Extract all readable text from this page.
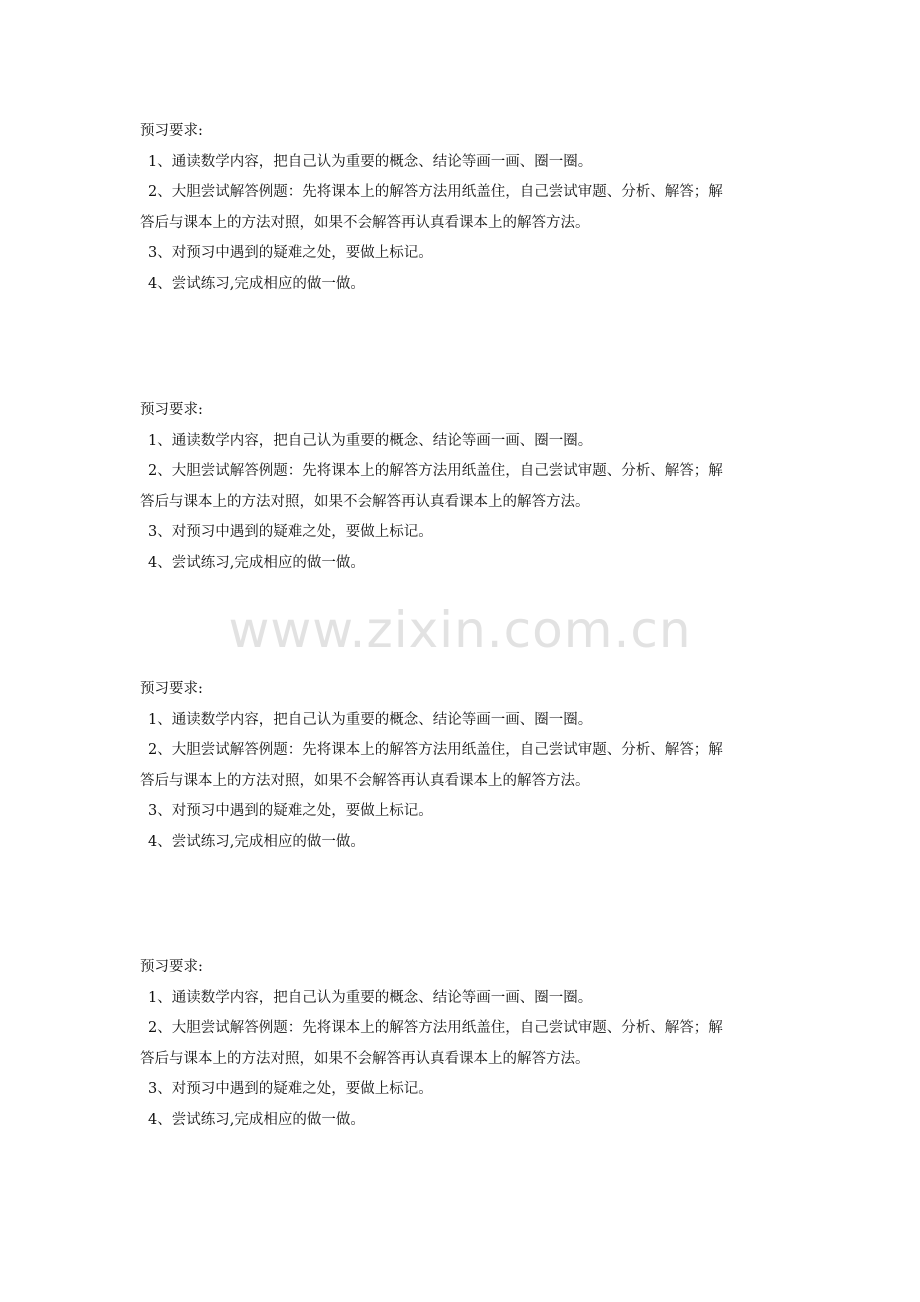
预习要求:

1、通读数学内容，把自己认为重要的概念、结论等画一画、圈一圈。

2、大胆尝试解答例题：先将课本上的解答方法用纸盖住，自己尝试审题、分析、解答；解

答后与课本上的方法对照，如果不会解答再认真看课本上的解答方法。

3、对预习中遇到的疑难之处，要做上标记。

4、尝试练习,完成相应的做一做。

预习要求:

1、通读数学内容，把自己认为重要的概念、结论等画一画、圈一圈。

2、大胆尝试解答例题：先将课本上的解答方法用纸盖住，自己尝试审题、分析、解答；解

答后与课本上的方法对照，如果不会解答再认真看课本上的解答方法。

3、对预习中遇到的疑难之处，要做上标记。

4、尝试练习,完成相应的做一做。

www.zixin.com.cn

预习要求:

1、通读数学内容，把自己认为重要的概念、结论等画一画、圈一圈。

2、大胆尝试解答例题：先将课本上的解答方法用纸盖住，自己尝试审题、分析、解答；解

答后与课本上的方法对照，如果不会解答再认真看课本上的解答方法。

3、对预习中遇到的疑难之处，要做上标记。

4、尝试练习,完成相应的做一做。

预习要求:

1、通读数学内容，把自己认为重要的概念、结论等画一画、圈一圈。

2、大胆尝试解答例题：先将课本上的解答方法用纸盖住，自己尝试审题、分析、解答；解

答后与课本上的方法对照，如果不会解答再认真看课本上的解答方法。

3、对预习中遇到的疑难之处，要做上标记。

4、尝试练习,完成相应的做一做。
